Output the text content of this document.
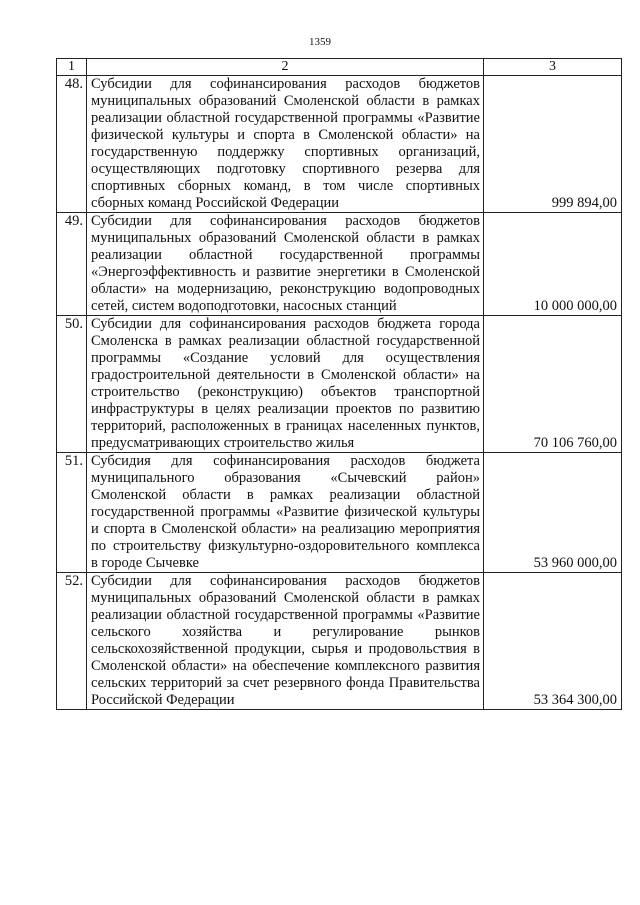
1359
1	2	3
48.	Субсидии для софинансирования расходов бюджетов муниципальных образований Смоленской области в рамках реализации областной государственной программы «Развитие физической культуры и спорта в Смоленской области» на государственную поддержку спортивных организаций, осуществляющих подготовку спортивного резерва для спортивных сборных команд, в том числе спортивных сборных команд Российской Федерации	999 894,00
49.	Субсидии для софинансирования расходов бюджетов муниципальных образований Смоленской области в рамках реализации областной государственной программы «Энергоэффективность и развитие энергетики в Смоленской области» на модернизацию, реконструкцию водопроводных сетей, систем водоподготовки, насосных станций	10 000 000,00
50.	Субсидии для софинансирования расходов бюджета города Смоленска в рамках реализации областной государственной программы «Создание условий для осуществления градостроительной деятельности в Смоленской области» на строительство (реконструкцию) объектов транспортной инфраструктуры в целях реализации проектов по развитию территорий, расположенных в границах населенных пунктов, предусматривающих строительство жилья	70 106 760,00
51.	Субсидия для софинансирования расходов бюджета муниципального образования «Сычевский район» Смоленской области в рамках реализации областной государственной программы «Развитие физической культуры и спорта в Смоленской области» на реализацию мероприятия по строительству физкультурно-оздоровительного комплекса в городе Сычевке	53 960 000,00
52.	Субсидии для софинансирования расходов бюджетов муниципальных образований Смоленской области в рамках реализации областной государственной программы «Развитие сельского хозяйства и регулирование рынков сельскохозяйственной продукции, сырья и продовольствия в Смоленской области» на обеспечение комплексного развития сельских территорий за счет резервного фонда Правительства Российской Федерации	53 364 300,00
